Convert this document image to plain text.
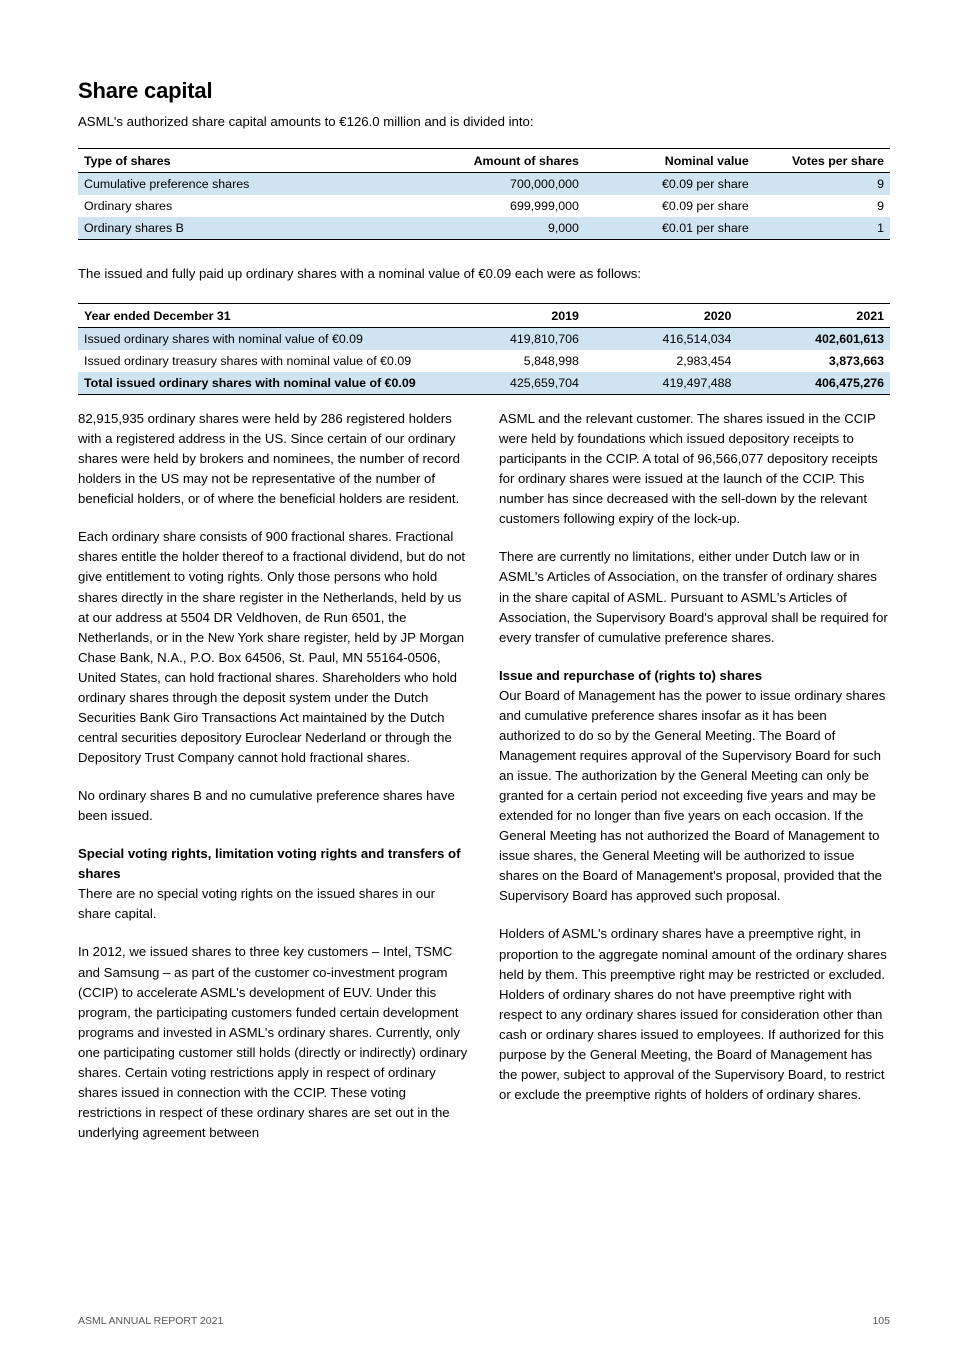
Share capital

ASML's authorized share capital amounts to €126.0 million and is divided into:

Type of shares	Amount of shares	Nominal value	Votes per share
Cumulative preference shares	700,000,000	€0.09 per share	9
Ordinary shares	699,999,000	€0.09 per share	9
Ordinary shares B	9,000	€0.01 per share	1

The issued and fully paid up ordinary shares with a nominal value of €0.09 each were as follows:

Year ended December 31	2019	2020	2021
Issued ordinary shares with nominal value of €0.09	419,810,706	416,514,034	402,601,613
Issued ordinary treasury shares with nominal value of €0.09	5,848,998	2,983,454	3,873,663
Total issued ordinary shares with nominal value of €0.09	425,659,704	419,497,488	406,475,276

82,915,935 ordinary shares were held by 286 registered holders with a registered address in the US. Since certain of our ordinary shares were held by brokers and nominees, the number of record holders in the US may not be representative of the number of beneficial holders, or of where the beneficial holders are resident.

Each ordinary share consists of 900 fractional shares. Fractional shares entitle the holder thereof to a fractional dividend, but do not give entitlement to voting rights. Only those persons who hold shares directly in the share register in the Netherlands, held by us at our address at 5504 DR Veldhoven, de Run 6501, the Netherlands, or in the New York share register, held by JP Morgan Chase Bank, N.A., P.O. Box 64506, St. Paul, MN 55164-0506, United States, can hold fractional shares. Shareholders who hold ordinary shares through the deposit system under the Dutch Securities Bank Giro Transactions Act maintained by the Dutch central securities depository Euroclear Nederland or through the Depository Trust Company cannot hold fractional shares.

No ordinary shares B and no cumulative preference shares have been issued.

Special voting rights, limitation voting rights and transfers of shares

There are no special voting rights on the issued shares in our share capital.

In 2012, we issued shares to three key customers – Intel, TSMC and Samsung – as part of the customer co-investment program (CCIP) to accelerate ASML's development of EUV. Under this program, the participating customers funded certain development programs and invested in ASML's ordinary shares. Currently, only one participating customer still holds (directly or indirectly) ordinary shares. Certain voting restrictions apply in respect of ordinary shares issued in connection with the CCIP. These voting restrictions in respect of these ordinary shares are set out in the underlying agreement between

ASML and the relevant customer. The shares issued in the CCIP were held by foundations which issued depository receipts to participants in the CCIP. A total of 96,566,077 depository receipts for ordinary shares were issued at the launch of the CCIP. This number has since decreased with the sell-down by the relevant customers following expiry of the lock-up.

There are currently no limitations, either under Dutch law or in ASML's Articles of Association, on the transfer of ordinary shares in the share capital of ASML. Pursuant to ASML's Articles of Association, the Supervisory Board's approval shall be required for every transfer of cumulative preference shares.

Issue and repurchase of (rights to) shares

Our Board of Management has the power to issue ordinary shares and cumulative preference shares insofar as it has been authorized to do so by the General Meeting. The Board of Management requires approval of the Supervisory Board for such an issue. The authorization by the General Meeting can only be granted for a certain period not exceeding five years and may be extended for no longer than five years on each occasion. If the General Meeting has not authorized the Board of Management to issue shares, the General Meeting will be authorized to issue shares on the Board of Management's proposal, provided that the Supervisory Board has approved such proposal.

Holders of ASML's ordinary shares have a preemptive right, in proportion to the aggregate nominal amount of the ordinary shares held by them. This preemptive right may be restricted or excluded. Holders of ordinary shares do not have preemptive right with respect to any ordinary shares issued for consideration other than cash or ordinary shares issued to employees. If authorized for this purpose by the General Meeting, the Board of Management has the power, subject to approval of the Supervisory Board, to restrict or exclude the preemptive rights of holders of ordinary shares.

ASML ANNUAL REPORT 2021	105
